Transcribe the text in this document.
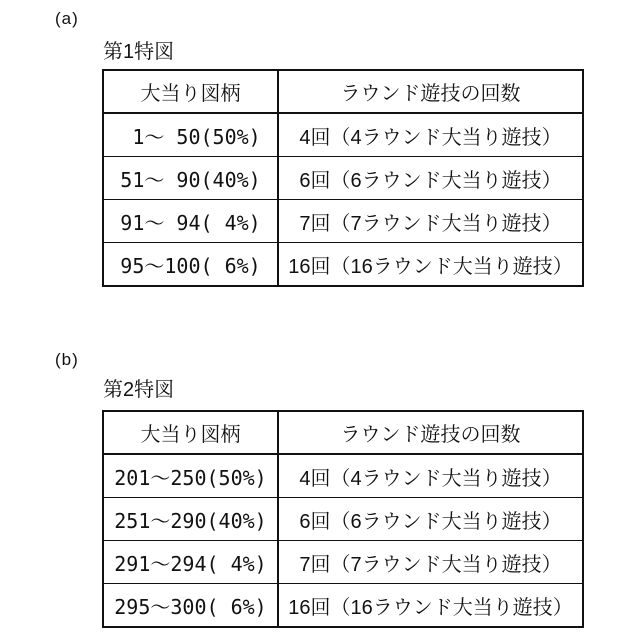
(a)
第1特図
大当り図柄	ラウンド遊技の回数
1～ 50(50%)	4回（4ラウンド大当り遊技）
51～ 90(40%)	6回（6ラウンド大当り遊技）
91～ 94( 4%)	7回（7ラウンド大当り遊技）
95～100( 6%)	16回（16ラウンド大当り遊技）
(b)
第2特図
大当り図柄	ラウンド遊技の回数
201～250(50%)	4回（4ラウンド大当り遊技）
251～290(40%)	6回（6ラウンド大当り遊技）
291～294( 4%)	7回（7ラウンド大当り遊技）
295～300( 6%)	16回（16ラウンド大当り遊技）
